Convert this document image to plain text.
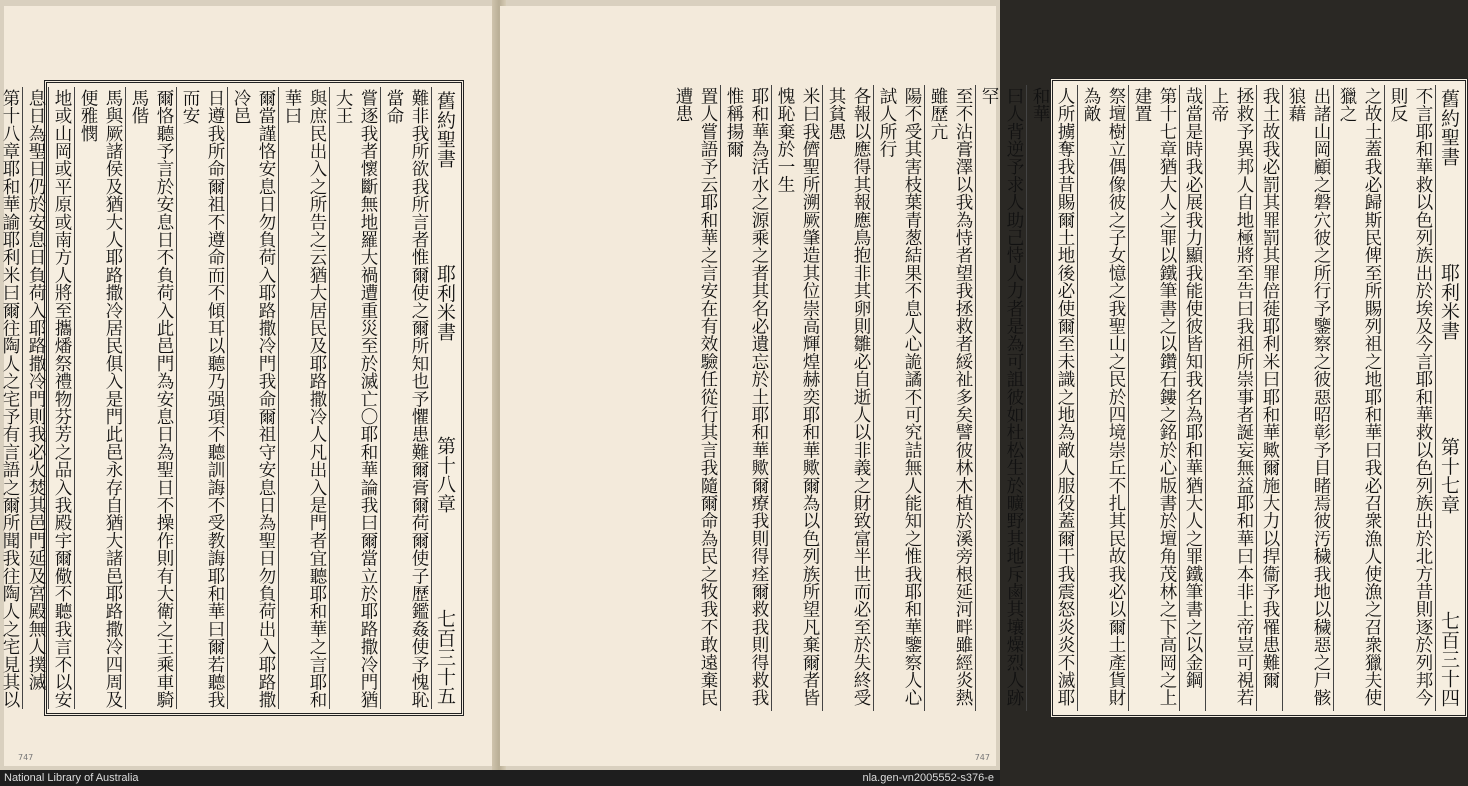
舊約聖書
耶利米書
第十八章
七百三十五
難非我所欲我所言者惟爾使之爾所知也予懼患難爾膏爾荷爾使子歷鑑姦使予愧恥當命
嘗逐我者懷斷無地羅大禍遭重災至於滅亡〇耶和華論我曰爾當立於耶路撒冷門猶大王
與庶民出入之所告之云猶大居民及耶路撒冷人凡出入是門者宜聽耶和華之言耶和華曰
爾當謹恪安息日勿負荷入耶路撒冷門我命爾祖守安息日為聖日勿負荷出入耶路撒冷邑
日遵我所命爾祖不遵命而不傾耳以聽乃强項不聽訓誨不受教誨耶和華曰爾若聽我而安
爾恪聽予言於安息日不負荷入此邑門為安息日為聖日不操作則有大衛之王乘車騎馬偕
馬與厥諸侯及猶大人耶路撒冷居民俱入是門此邑永存自猶大諸邑耶路撒冷四周及便雅憫
地或山岡或平原或南方人將至攜燔祭禮物芬芳之品入我殿宇爾儆不聽我言不以安
息日為聖日仍於安息日負荷入耶路撒冷門則我必火焚其邑門延及宮殿無人撲滅
第十八章耶和華諭耶利米曰爾往陶人之宅予有言語之爾所聞我往陶人之宅見其以
747
舊約聖書
耶利米書
第十七章
七百三十四
不言耶和華救以色列族出於埃及今言耶和華救以色列族出於北方昔則逐於列邦今則反
之故土蓋我必歸斯民俾至所賜列祖之地耶和華曰我必召衆漁人使漁之召衆獵夫使獵之
出諸山岡顧之磐穴彼之所行予鑒察之彼惡昭彰予目睹焉彼汚穢我地以穢惡之尸骸狼藉
我土故我必罰其罪罰其罪倍蓰耶利米曰耶和華歟爾施大力以捍衞予我罹患難爾
拯救予異邦人自地極將至告曰我祖所崇事者誕妄無益耶和華曰本非上帝豈可視若上帝
哉當是時我必展我力顯我能使彼皆知我名為耶和華猶大人之罪鐵筆書之以金鋼
第十七章猶大人之罪以鐵筆書之以鑽石鏤之銘於心版書於壇角茂林之下高岡之上建置
祭壇樹立偶像彼之子女憶之我聖山之民於四境崇丘不扎其民故我必以爾土產貨財為敵
人所擄奪我昔賜爾土地後必使爾至未識之地為敵人服役蓋爾干我震怒炎炎不滅耶和華
曰人背逆予求人助己恃人力者是為可詛彼如杜松生於曠野其地斥鹵其壤燥烈人跡罕
至不沾膏澤以我為恃者望我拯救者綏祉多矣譬彼林木植於溪旁根延河畔雖經炎熱雖歷亢
陽不受其害枝葉青葱結果不息人心詭譎不可究詰無人能知之惟我耶和華鑒察人心試人所行
各報以應得其報應鳥抱非其卵則雛必自逝人以非義之財致富半世而必至於失終受其貧愚
米曰我儕聖所溯厥肇造其位崇高輝煌赫奕耶和華歟爾為以色列族所望凡棄爾者皆愧恥棄於一生
耶和華為活水之源乘之者其名必遺忘於土耶和華歟爾療我則得痊爾救我則得救我惟稱揚爾
置人嘗語予云耶和華之言安在有效驗任從行其言我隨爾命為民之牧我不敢遠棄民遭患
747
National Library of Australia	nla.gen-vn2005552-s376-e
